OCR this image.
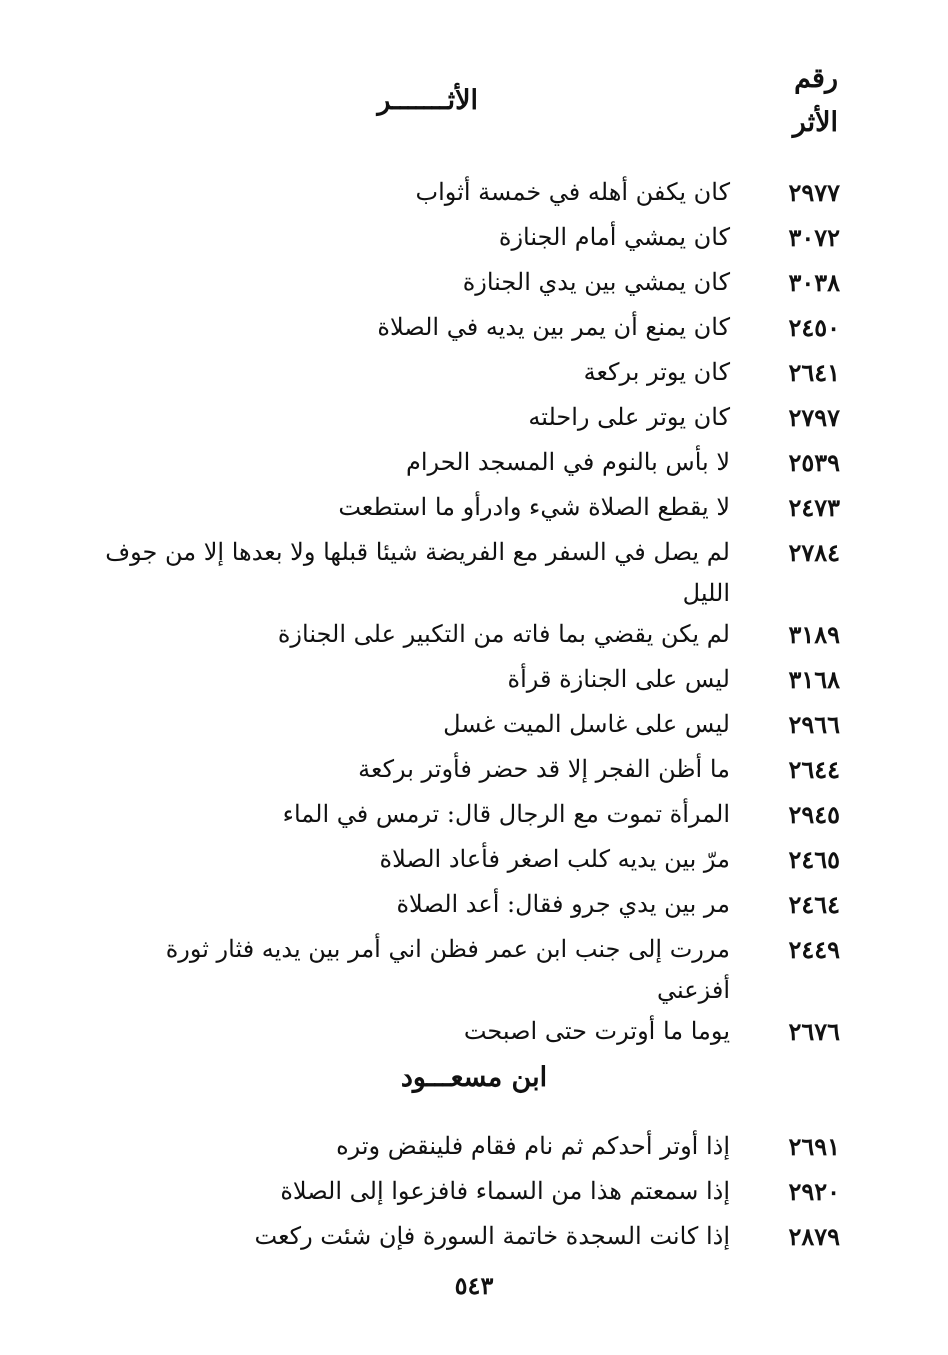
رقم
الأثر
الأثـــــــر
٢٩٧٧
كان يكفن أهله في خمسة أثواب
٣٠٧٢
كان يمشي أمام الجنازة
٣٠٣٨
كان يمشي بين يدي الجنازة
٢٤٥٠
كان يمنع أن يمر بين يديه في الصلاة
٢٦٤١
كان يوتر بركعة
٢٧٩٧
كان يوتر على راحلته
٢٥٣٩
لا بأس بالنوم في المسجد الحرام
٢٤٧٣
لا يقطع الصلاة شيء وادرأو ما استطعت
٢٧٨٤
لم يصل في السفر مع الفريضة شيئا قبلها ولا بعدها إلا من جوف الليل
٣١٨٩
لم يكن يقضي بما فاته من التكبير على الجنازة
٣١٦٨
ليس على الجنازة قرأة
٢٩٦٦
ليس على غاسل الميت غسل
٢٦٤٤
ما أظن الفجر إلا قد حضر فأوتر بركعة
٢٩٤٥
المرأة تموت مع الرجال قال: ترمس في الماء
٢٤٦٥
مرّ بين يديه كلب اصغر فأعاد الصلاة
٢٤٦٤
مر بين يدي جرو فقال: أعد الصلاة
٢٤٤٩
مررت إلى جنب ابن عمر فظن اني أمر بين يديه فثار ثورة أفزعني
٢٦٧٦
يوما ما أوترت حتى اصبحت
ابن مسعـــود
٢٦٩١
إذا أوتر أحدكم ثم نام فقام فلينقض وتره
٢٩٢٠
إذا سمعتم هذا من السماء فافزعوا إلى الصلاة
٢٨٧٩
إذا كانت السجدة خاتمة السورة فإن شئت ركعت
٥٤٣
